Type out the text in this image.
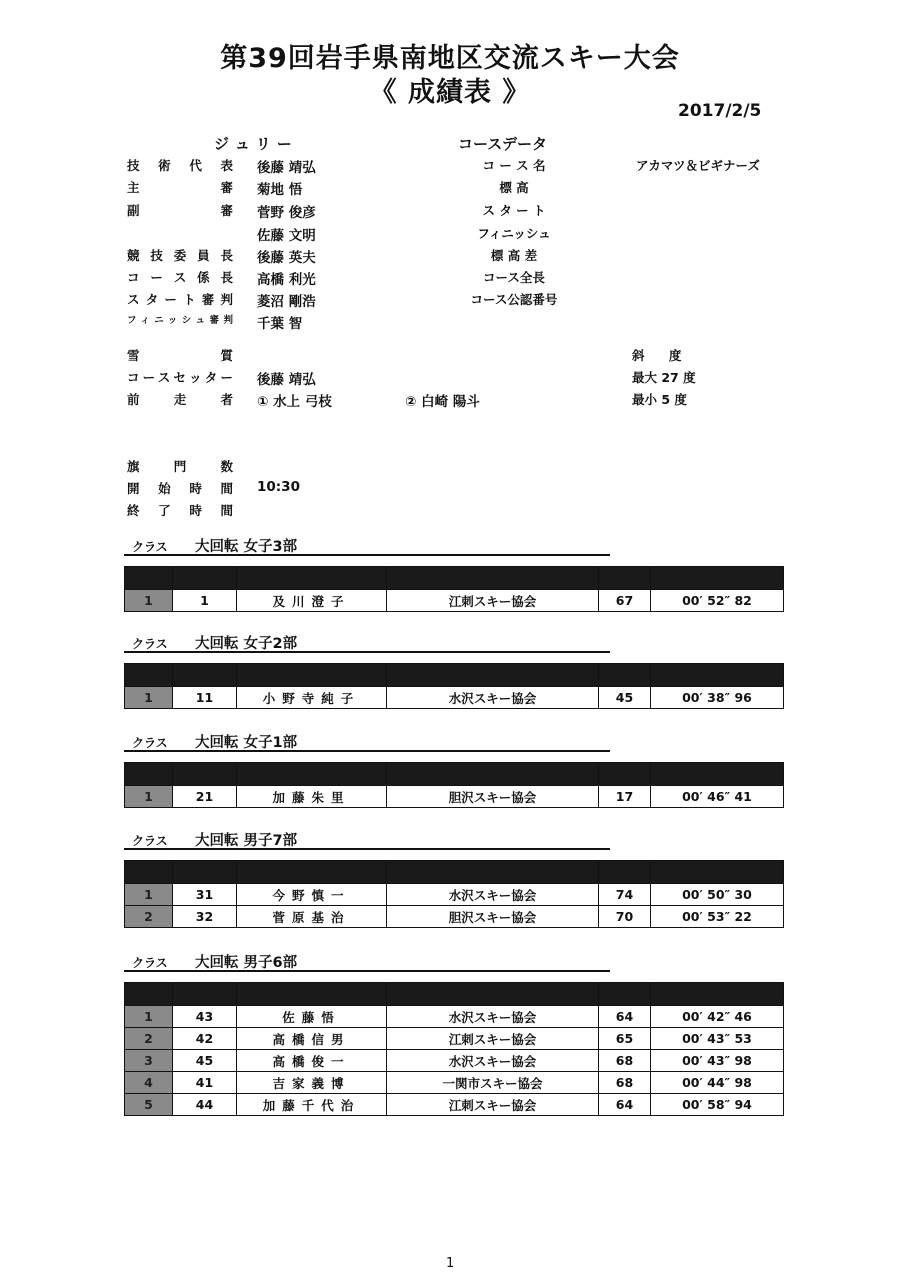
第39回岩手県南地区交流スキー大会
《 成績表 》
2017/2/5
ジュリー
技 術 代 表 後藤 靖弘
主 審 菊地 悟
副 審 菅野 俊彦
佐藤 文明
競 技 委 員 長 後藤 英夫
コ ー ス 係 長 高橋 利光
ス タ ー ト 審 判 菱沼 剛浩
フィニッシュ審判 千葉 智
コースデータ
コ ー ス 名	アカマツ＆ビギナーズ
標 高
ス タ ー ト
フィニッシュ
標 高 差
コース全長
コース公認番号
雪 質
コースセッター 後藤 靖弘
前 走 者 ① 水上 弓枝	② 白崎 陽斗
斜 度
最大 27 度
最小 5 度
旗 門 数
開 始 時 間 10:30
終 了 時 間
クラス 大回転 女子3部

1	1	及川澄子	江刺スキー協会	67	00′ 52″ 82
クラス 大回転 女子2部

1	11	小野寺純子	水沢スキー協会	45	00′ 38″ 96
クラス 大回転 女子1部

1	21	加藤朱里	胆沢スキー協会	17	00′ 46″ 41
クラス 大回転 男子7部

1	31	今野慎一	水沢スキー協会	74	00′ 50″ 30
2	32	菅原基治	胆沢スキー協会	70	00′ 53″ 22
クラス 大回転 男子6部

1	43	佐藤悟	水沢スキー協会	64	00′ 42″ 46
2	42	高橋信男	江刺スキー協会	65	00′ 43″ 53
3	45	高橋俊一	水沢スキー協会	68	00′ 43″ 98
4	41	吉家義博	一関市スキー協会	68	00′ 44″ 98
5	44	加藤千代治	江刺スキー協会	64	00′ 58″ 94
1
